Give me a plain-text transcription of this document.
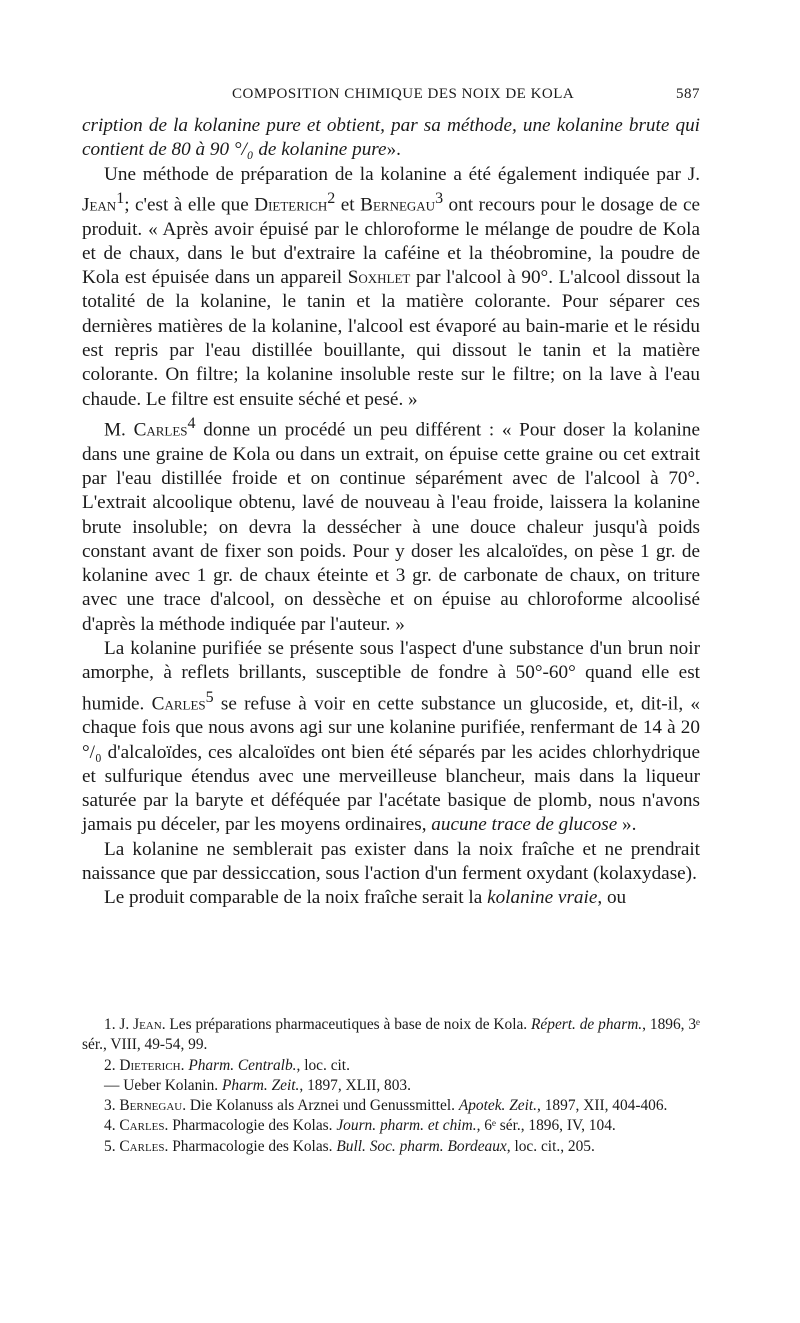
COMPOSITION CHIMIQUE DES NOIX DE KOLA	587

cription de la kolanine pure et obtient, par sa méthode, une kolanine brute qui contient de 80 à 90 °/₀ de kolanine pure».

Une méthode de préparation de la kolanine a été également indiquée par J. Jean$^1$; c'est à elle que Dieterich$^2$ et Bernegau$^3$ ont recours pour le dosage de ce produit. « Après avoir épuisé par le chloroforme le mélange de poudre de Kola et de chaux, dans le but d'extraire la caféine et la théobromine, la poudre de Kola est épuisée dans un appareil Soxhlet par l'alcool à 90°. L'alcool dissout la totalité de la kolanine, le tanin et la matière colorante. Pour séparer ces dernières matières de la kolanine, l'alcool est évaporé au bain-marie et le résidu est repris par l'eau distillée bouillante, qui dissout le tanin et la matière colorante. On filtre; la kolanine insoluble reste sur le filtre; on la lave à l'eau chaude. Le filtre est ensuite séché et pesé. »

M. Carles$^4$ donne un procédé un peu différent : « Pour doser la kolanine dans une graine de Kola ou dans un extrait, on épuise cette graine ou cet extrait par l'eau distillée froide et on continue séparément avec de l'alcool à 70°. L'extrait alcoolique obtenu, lavé de nouveau à l'eau froide, laissera la kolanine brute insoluble; on devra la dessécher à une douce chaleur jusqu'à poids constant avant de fixer son poids. Pour y doser les alcaloïdes, on pèse 1 gr. de kolanine avec 1 gr. de chaux éteinte et 3 gr. de carbonate de chaux, on triture avec une trace d'alcool, on dessèche et on épuise au chloroforme alcoolisé d'après la méthode indiquée par l'auteur. »

La kolanine purifiée se présente sous l'aspect d'une substance d'un brun noir amorphe, à reflets brillants, susceptible de fondre à 50°-60° quand elle est humide. Carles$^5$ se refuse à voir en cette substance un glucoside, et, dit-il, « chaque fois que nous avons agi sur une kolanine purifiée, renfermant de 14 à 20 °/₀ d'alcaloïdes, ces alcaloïdes ont bien été séparés par les acides chlorhydrique et sulfurique étendus avec une merveilleuse blancheur, mais dans la liqueur saturée par la baryte et déféquée par l'acétate basique de plomb, nous n'avons jamais pu déceler, par les moyens ordinaires, aucune trace de glucose ».

La kolanine ne semblerait pas exister dans la noix fraîche et ne prendrait naissance que par dessiccation, sous l'action d'un ferment oxydant (kolaxydase).

Le produit comparable de la noix fraîche serait la kolanine vraie, ou

1. J. Jean. Les préparations pharmaceutiques à base de noix de Kola. Répert. de pharm., 1896, 3ᵉ sér., VIII, 49-54, 99.

2. Dieterich. Pharm. Centralb., loc. cit.

— Ueber Kolanin. Pharm. Zeit., 1897, XLII, 803.

3. Bernegau. Die Kolanuss als Arznei und Genussmittel. Apotek. Zeit., 1897, XII, 404-406.

4. Carles. Pharmacologie des Kolas. Journ. pharm. et chim., 6ᵉ sér., 1896, IV, 104.

5. Carles. Pharmacologie des Kolas. Bull. Soc. pharm. Bordeaux, loc. cit., 205.
